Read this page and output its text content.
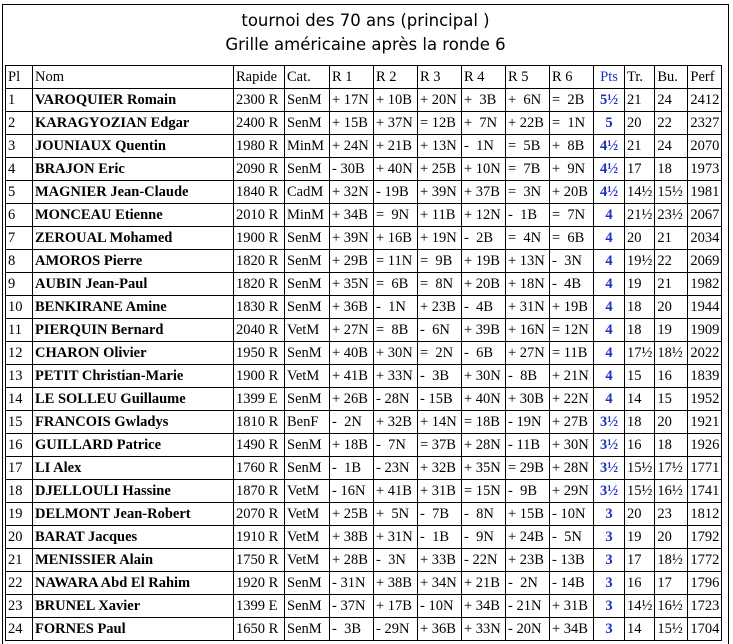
tournoi des 70 ans (principal )
Grille américaine après la ronde 6
Pl	Nom	Rapide	Cat.	R 1	R 2	R 3	R 4	R 5	R 6	Pts	Tr.	Bu.	Perf
1	VAROQUIER Romain	2300 R	SenM	+ 17N	+ 10B	+ 20N	+  3B	+  6N	=  2B	5½	21	24	2412
2	KARAGYOZIAN Edgar	2400 R	SenM	+ 15B	+ 37N	= 12B	+  7N	+ 22B	=  1N	5	20	22	2327
3	JOUNIAUX Quentin	1980 R	MinM	+ 24N	+ 21B	+ 13N	-  1N	=  5B	+  8B	4½	21	24	2070
4	BRAJON Eric	2090 R	SenM	- 30B	+ 40N	+ 25B	+ 10N	=  7B	+  9N	4½	17	18	1973
5	MAGNIER Jean-Claude	1840 R	CadM	+ 32N	- 19B	+ 39N	+ 37B	=  3N	+ 20B	4½	14½	15½	1981
6	MONCEAU Etienne	2010 R	MinM	+ 34B	=  9N	+ 11B	+ 12N	-  1B	=  7N	4	21½	23½	2067
7	ZEROUAL Mohamed	1900 R	SenM	+ 39N	+ 16B	+ 19N	-  2B	=  4N	=  6B	4	20	21	2034
8	AMOROS Pierre	1820 R	SenM	+ 29B	= 11N	=  9B	+ 19B	+ 13N	-  3N	4	19½	22	2069
9	AUBIN Jean-Paul	1820 R	SenM	+ 35N	=  6B	=  8N	+ 20B	+ 18N	-  4B	4	19	21	1982
10	BENKIRANE Amine	1830 R	SenM	+ 36B	-  1N	+ 23B	-  4B	+ 31N	+ 19B	4	18	20	1944
11	PIERQUIN Bernard	2040 R	VetM	+ 27N	=  8B	-  6N	+ 39B	+ 16N	= 12N	4	18	19	1909
12	CHARON Olivier	1950 R	SenM	+ 40B	+ 30N	=  2N	-  6B	+ 27N	= 11B	4	17½	18½	2022
13	PETIT Christian-Marie	1900 R	VetM	+ 41B	+ 33N	-  3B	+ 30N	-  8B	+ 21N	4	15	16	1839
14	LE SOLLEU Guillaume	1399 E	SenM	+ 26B	- 28N	- 15B	+ 40N	+ 30B	+ 22N	4	14	15	1952
15	FRANCOIS Gwladys	1810 R	BenF	-  2N	+ 32B	+ 14N	= 18B	- 19N	+ 27B	3½	18	20	1921
16	GUILLARD Patrice	1490 R	SenM	+ 18B	-  7N	= 37B	+ 28N	- 11B	+ 30N	3½	16	18	1926
17	LI Alex	1760 R	SenM	-  1B	- 23N	+ 32B	+ 35N	= 29B	+ 28N	3½	15½	17½	1771
18	DJELLOULI Hassine	1870 R	VetM	- 16N	+ 41B	+ 31B	= 15N	-  9B	+ 29N	3½	15½	16½	1741
19	DELMONT Jean-Robert	2070 R	VetM	+ 25B	+  5N	-  7B	-  8N	+ 15B	- 10N	3	20	23	1812
20	BARAT Jacques	1910 R	VetM	+ 38B	+ 31N	-  1B	-  9N	+ 24B	-  5N	3	19	20	1792
21	MENISSIER Alain	1750 R	VetM	+ 28B	-  3N	+ 33B	- 22N	+ 23B	- 13B	3	17	18½	1772
22	NAWARA Abd El Rahim	1920 R	SenM	- 31N	+ 38B	+ 34N	+ 21B	-  2N	- 14B	3	16	17	1796
23	BRUNEL Xavier	1399 E	SenM	- 37N	+ 17B	- 10N	+ 34B	- 21N	+ 31B	3	14½	16½	1723
24	FORNES Paul	1650 R	SenM	-  3B	- 29N	+ 36B	+ 33N	- 20N	+ 34B	3	14	15½	1704
